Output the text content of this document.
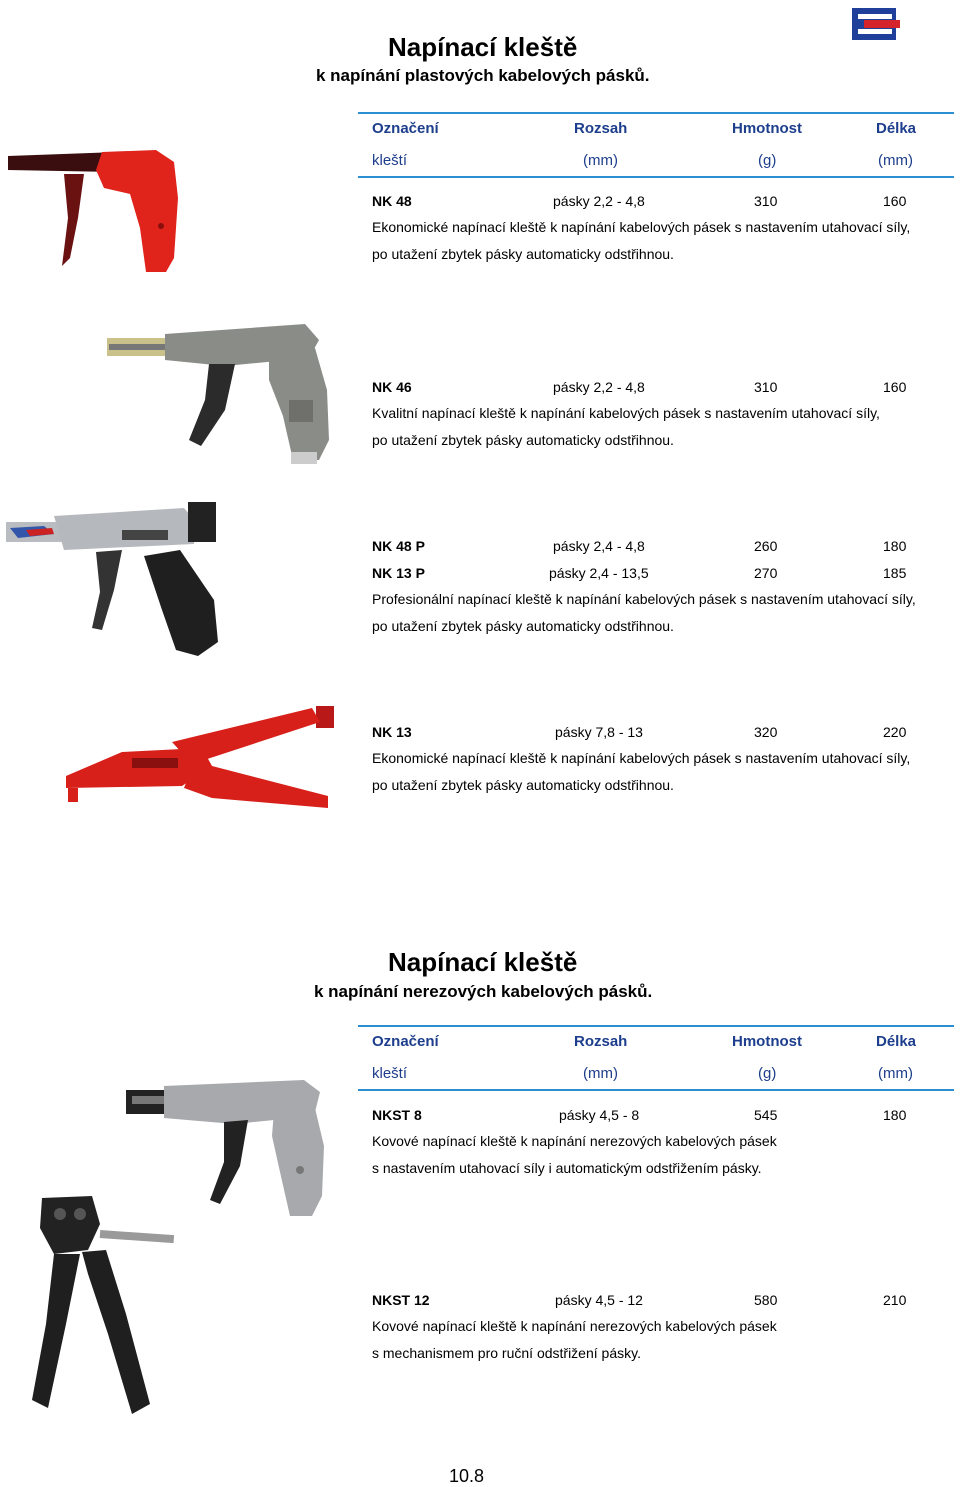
Napínací kleště
k napínání plastových kabelových pásků.
Označení	Rozsah	Hmotnost	Délka
kleští	(mm)	(g)	(mm)
NK 48	pásky 2,2 - 4,8	310	160
Ekonomické napínací kleště k napínání kabelových pásek s nastavením utahovací síly,
po utažení zbytek pásky automaticky odstřihnou.
NK 46	pásky 2,2 - 4,8	310	160
Kvalitní napínací kleště k napínání kabelových pásek s nastavením utahovací síly,
po utažení zbytek pásky automaticky odstřihnou.
NK 48 P	pásky 2,4 - 4,8	260	180
NK 13 P	pásky 2,4 - 13,5	270	185
Profesionální napínací kleště k napínání kabelových pásek s nastavením utahovací síly,
po utažení zbytek pásky automaticky odstřihnou.
NK 13	pásky 7,8 - 13	320	220
Ekonomické napínací kleště k napínání kabelových pásek s nastavením utahovací síly,
po utažení zbytek pásky automaticky odstřihnou.
Napínací kleště
k napínání nerezových kabelových pásků.
Označení	Rozsah	Hmotnost	Délka
kleští	(mm)	(g)	(mm)
NKST 8	pásky 4,5 - 8	545	180
Kovové napínací kleště k napínání nerezových kabelových pásek
s nastavením utahovací síly i automatickým odstřižením pásky.
NKST 12	pásky 4,5 - 12	580	210
Kovové napínací kleště k napínání nerezových kabelových pásek
s mechanismem pro ruční odstřižení pásky.
10.8
